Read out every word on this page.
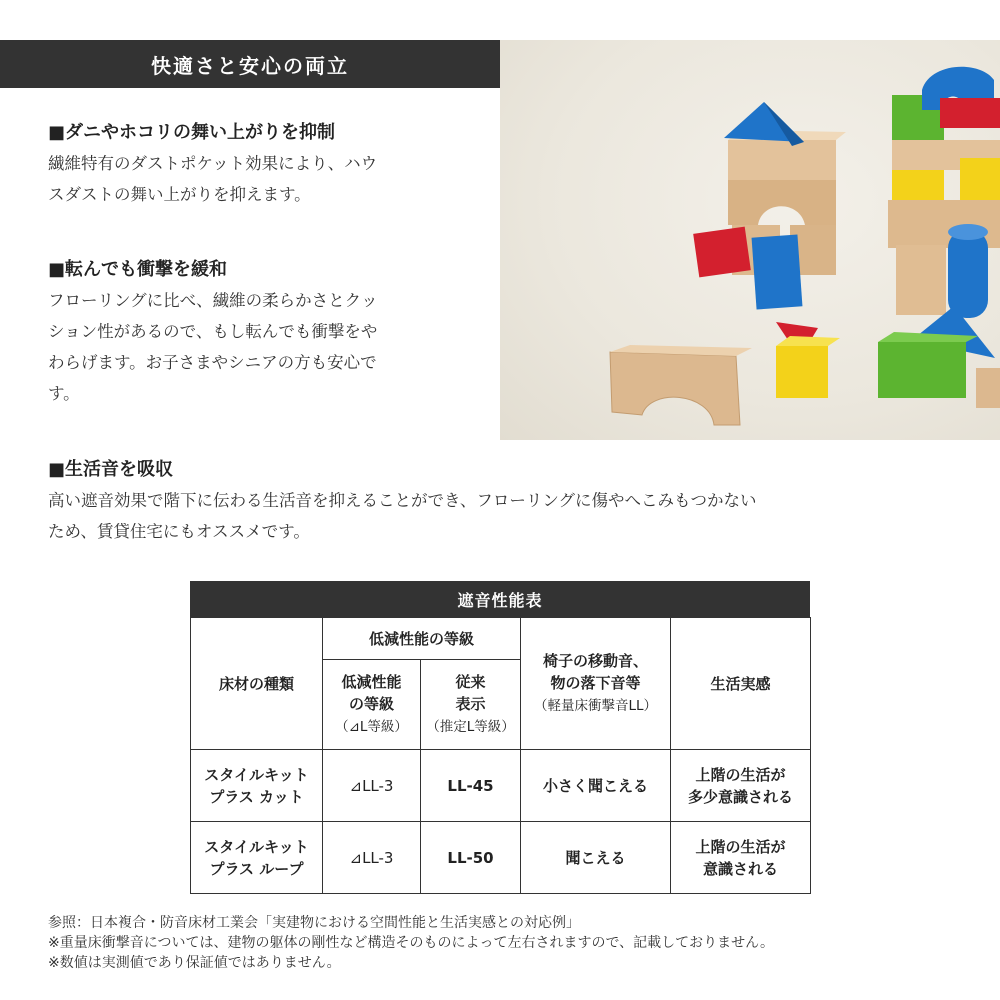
快適さと安心の両立
■ダニやホコリの舞い上がりを抑制

繊維特有のダストポケット効果により、ハウ
スダストの舞い上がりを抑えます。

■転んでも衝撃を緩和

フローリングに比べ、繊維の柔らかさとクッ
ション性があるので、もし転んでも衝撃をや
わらげます。お子さまやシニアの方も安心で
す。

■生活音を吸収

高い遮音効果で階下に伝わる生活音を抑えることができ、フローリングに傷やへこみもつかない
ため、賃貸住宅にもオススメです。

遮音性能表
床材の種類	低減性能の等級		椅子の移動音、
物の落下音等
（軽量床衝撃音LL）	生活実感
	低減性能
の等級
（⊿L等級）	従来
表示
（推定L等級）		
スタイルキット
プラス カット	⊿LL-3	LL-45	小さく聞こえる	上階の生活が
多少意識される
スタイルキット
プラス ループ	⊿LL-3	LL-50	聞こえる	上階の生活が
意識される
参照：日本複合・防音床材工業会「実建物における空間性能と生活実感との対応例」
※重量床衝撃音については、建物の躯体の剛性など構造そのものによって左右されますので、記載しておりません。
※数値は実測値であり保証値ではありません。
